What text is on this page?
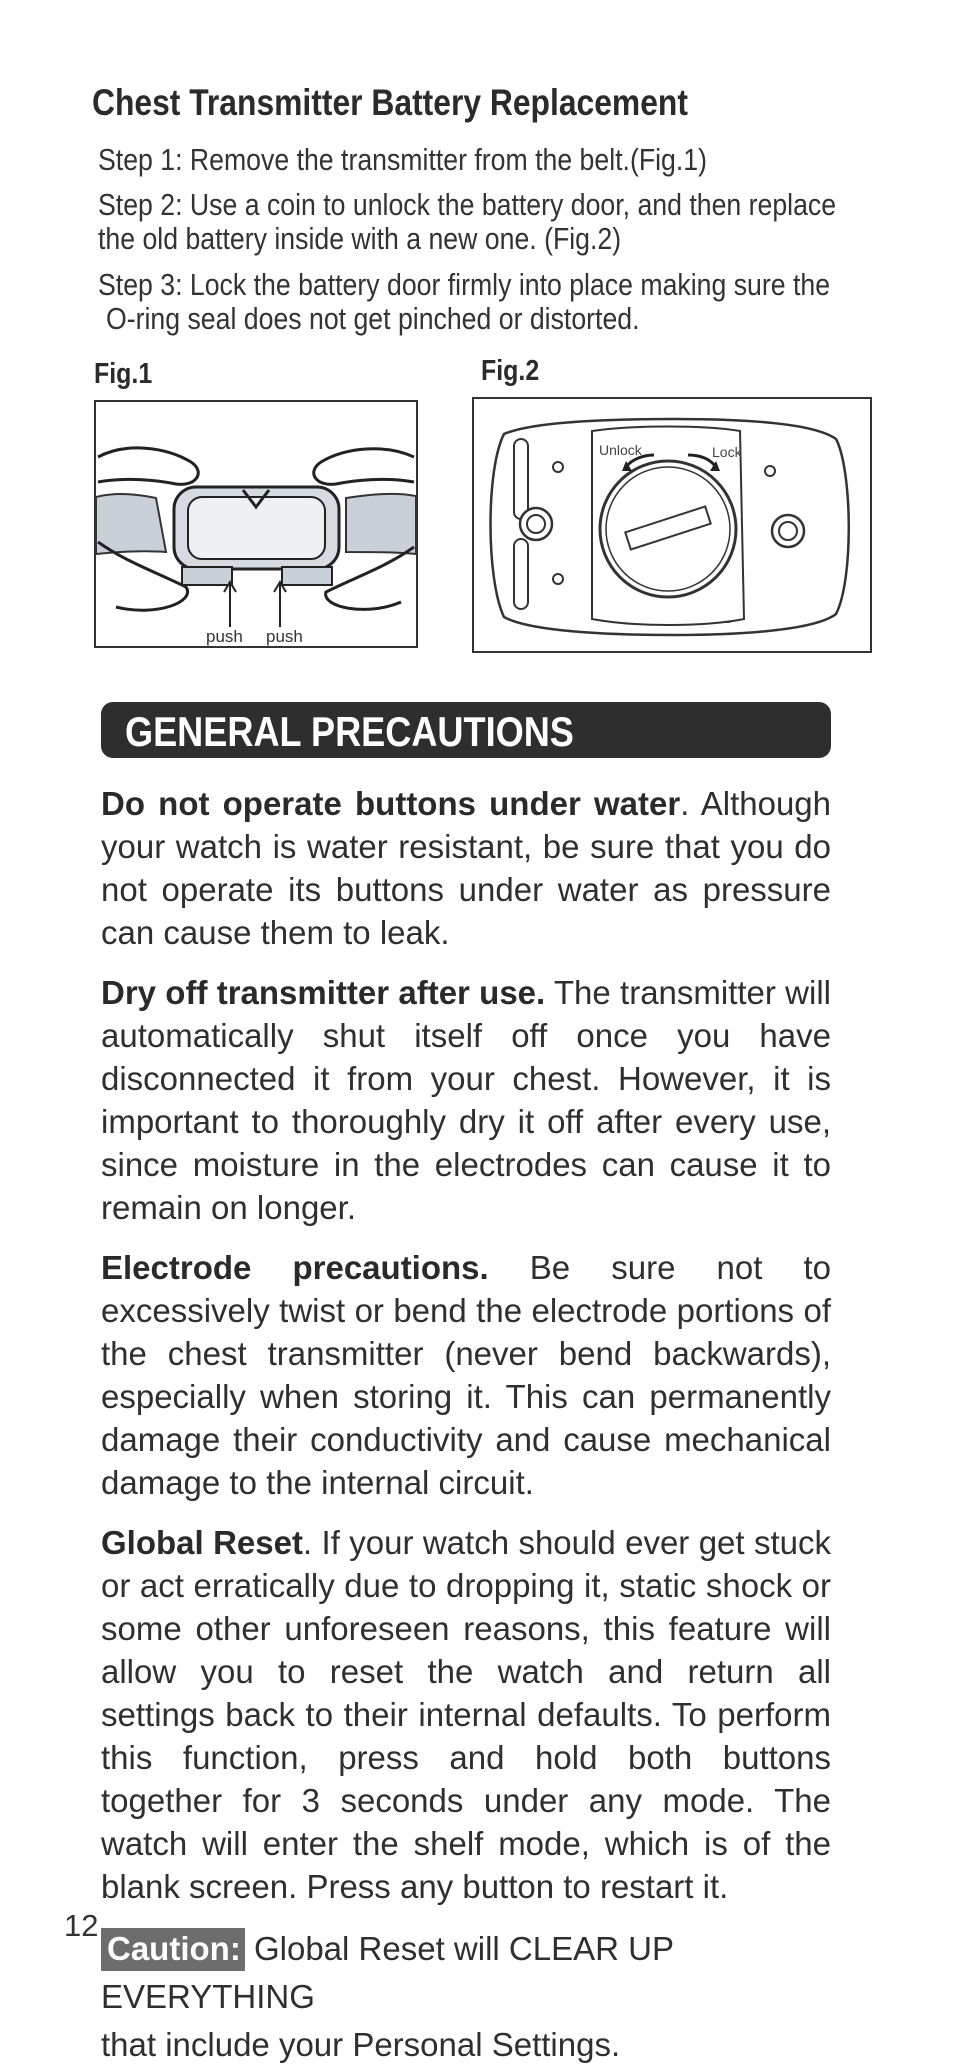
Chest Transmitter Battery Replacement
Step 1: Remove the transmitter from the belt.(Fig.1)
Step 2: Use a coin to unlock the battery door, and then replace
the old battery inside with a new one. (Fig.2)
Step 3: Lock the battery door firmly into place making sure the
O-ring seal does not get pinched or distorted.
Fig.1	Fig.2
push push
Unlock	Lock
GENERAL PRECAUTIONS

Do not operate buttons under water. Although your watch is water resistant, be sure that you do not operate its buttons under water as pressure can cause them to leak.

Dry off transmitter after use. The transmitter will automatically shut itself off once you have disconnected it from your chest. However, it is important to thoroughly dry it off after every use, since moisture in the electrodes can cause it to remain on longer.

Electrode precautions. Be sure not to excessively twist or bend the electrode portions of the chest transmitter (never bend backwards), especially when storing it. This can permanently damage their conductivity and cause mechanical damage to the internal circuit.

Global Reset. If your watch should ever get stuck or act erratically due to dropping it, static shock or some other unforeseen reasons, this feature will allow you to reset the watch and return all settings back to their internal defaults. To perform this function, press and hold both buttons together for 3 seconds under any mode. The watch will enter the shelf mode, which is of the blank screen. Press any button to restart it.

Caution: Global Reset will CLEAR UP EVERYTHING
that include your Personal Settings.
12
